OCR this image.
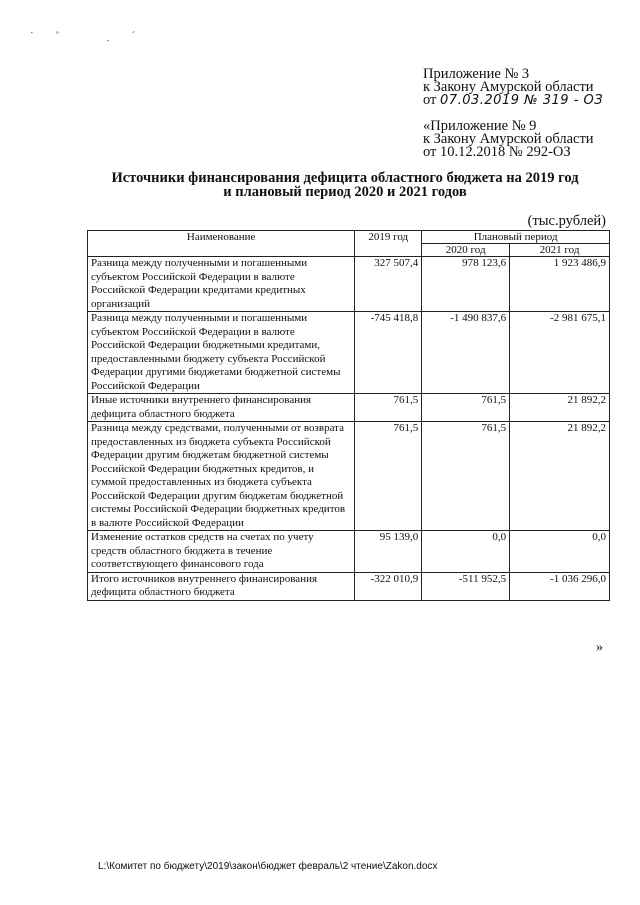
˙˚ ˏˊ
Приложение № 3
к Закону Амурской области
от 07.03.2019 № 319 - ОЗ
«Приложение № 9
к Закону Амурской области
от 10.12.2018 № 292-ОЗ
Источники финансирования дефицита областного бюджета на 2019 год
и плановый период 2020 и 2021 годов
(тыс.рублей)
Наименование	2019 год	Плановый период	
		2020 год	2021 год
Разница между полученными и погашенными субъектом Российской Федерации в валюте Российской Федерации кредитами кредитных организаций	327 507,4	978 123,6	1 923 486,9
Разница между полученными и погашенными субъектом Российской Федерации в валюте Российской Федерации бюджетными кредитами, предоставленными бюджету субъекта Российской Федерации другими бюджетами бюджетной системы Российской Федерации	-745 418,8	-1 490 837,6	-2 981 675,1
Иные источники внутреннего финансирования дефицита областного бюджета	761,5	761,5	21 892,2
Разница между средствами, полученными от возврата предоставленных из бюджета субъекта Российской Федерации другим бюджетам бюджетной системы Российской Федерации бюджетных кредитов, и суммой предоставленных из бюджета субъекта Российской Федерации другим бюджетам бюджетной системы Российской Федерации бюджетных кредитов в валюте Российской Федерации	761,5	761,5	21 892,2
Изменение остатков средств на счетах по учету средств областного бюджета в течение соответствующего финансового года	95 139,0	0,0	0,0
Итого источников внутреннего финансирования дефицита областного бюджета	-322 010,9	-511 952,5	-1 036 296,0
»
L:\Комитет по бюджету\2019\закон\бюджет февраль\2 чтение\Zakon.docx
